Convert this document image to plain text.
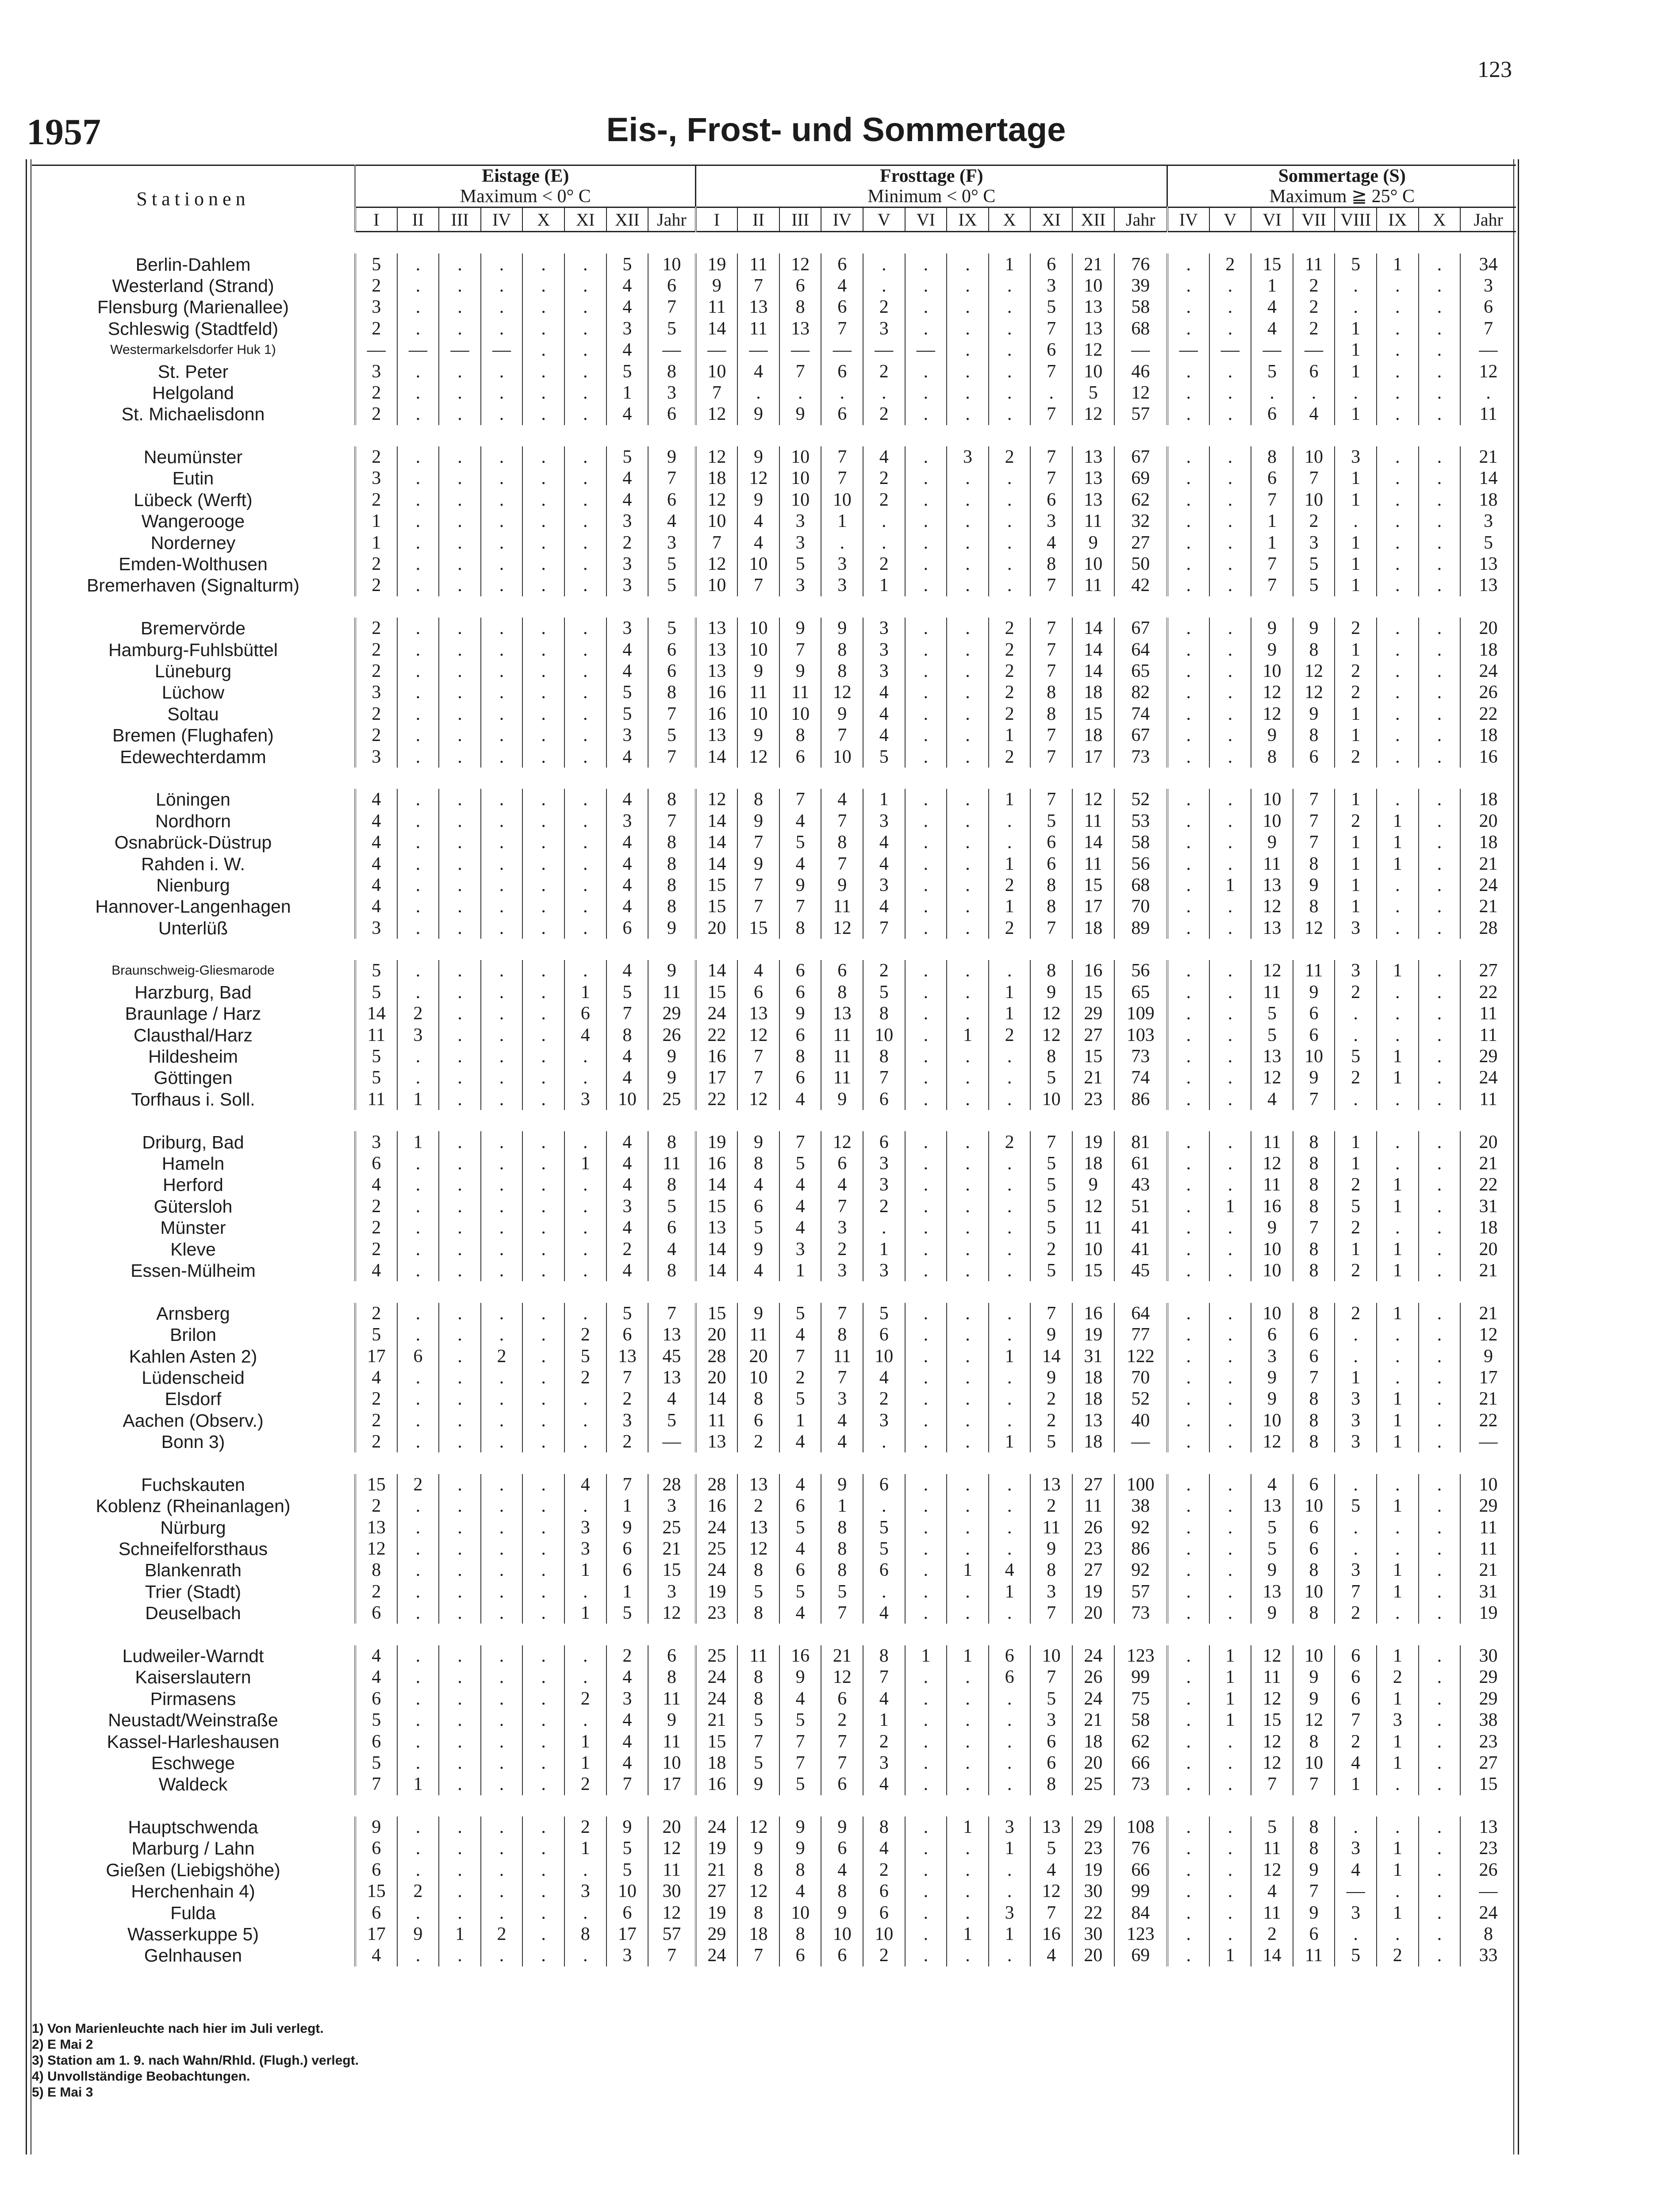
123
1957	Eis-, Frost- und Sommertage
Stationen	Eistage (E)
Maximum < 0° C								Frosttage (F)
Minimum < 0° C											Sommertage (S)
Maximum ≧ 25° C							
	I	II	III	IV	X	XI	XII	Jahr	I	II	III	IV	V	VI	IX	X	XI	XII	Jahr	IV	V	VI	VII	VIII	IX	X	Jahr

Berlin-Dahlem	5	.	.	.	.	.	5	10	19	11	12	6	.	.	.	1	6	21	76	.	2	15	11	5	1	.	34
Westerland (Strand)	2	.	.	.	.	.	4	6	9	7	6	4	.	.	.	.	3	10	39	.	.	1	2	.	.	.	3
Flensburg (Marienallee)	3	.	.	.	.	.	4	7	11	13	8	6	2	.	.	.	5	13	58	.	.	4	2	.	.	.	6
Schleswig (Stadtfeld)	2	.	.	.	.	.	3	5	14	11	13	7	3	.	.	.	7	13	68	.	.	4	2	1	.	.	7
Westermarkelsdorfer Huk 1)	—	—	—	—	.	.	4	—	—	—	—	—	—	—	.	.	6	12	—	—	—	—	—	1	.	.	—
St. Peter	3	.	.	.	.	.	5	8	10	4	7	6	2	.	.	.	7	10	46	.	.	5	6	1	.	.	12
Helgoland	2	.	.	.	.	.	1	3	7	.	.	.	.	.	.	.	.	5	12	.	.	.	.	.	.	.	.
St. Michaelisdonn	2	.	.	.	.	.	4	6	12	9	9	6	2	.	.	.	7	12	57	.	.	6	4	1	.	.	11

Neumünster	2	.	.	.	.	.	5	9	12	9	10	7	4	.	3	2	7	13	67	.	.	8	10	3	.	.	21
Eutin	3	.	.	.	.	.	4	7	18	12	10	7	2	.	.	.	7	13	69	.	.	6	7	1	.	.	14
Lübeck (Werft)	2	.	.	.	.	.	4	6	12	9	10	10	2	.	.	.	6	13	62	.	.	7	10	1	.	.	18
Wangerooge	1	.	.	.	.	.	3	4	10	4	3	1	.	.	.	.	3	11	32	.	.	1	2	.	.	.	3
Norderney	1	.	.	.	.	.	2	3	7	4	3	.	.	.	.	.	4	9	27	.	.	1	3	1	.	.	5
Emden-Wolthusen	2	.	.	.	.	.	3	5	12	10	5	3	2	.	.	.	8	10	50	.	.	7	5	1	.	.	13
Bremerhaven (Signalturm)	2	.	.	.	.	.	3	5	10	7	3	3	1	.	.	.	7	11	42	.	.	7	5	1	.	.	13

Bremervörde	2	.	.	.	.	.	3	5	13	10	9	9	3	.	.	2	7	14	67	.	.	9	9	2	.	.	20
Hamburg-Fuhlsbüttel	2	.	.	.	.	.	4	6	13	10	7	8	3	.	.	2	7	14	64	.	.	9	8	1	.	.	18
Lüneburg	2	.	.	.	.	.	4	6	13	9	9	8	3	.	.	2	7	14	65	.	.	10	12	2	.	.	24
Lüchow	3	.	.	.	.	.	5	8	16	11	11	12	4	.	.	2	8	18	82	.	.	12	12	2	.	.	26
Soltau	2	.	.	.	.	.	5	7	16	10	10	9	4	.	.	2	8	15	74	.	.	12	9	1	.	.	22
Bremen (Flughafen)	2	.	.	.	.	.	3	5	13	9	8	7	4	.	.	1	7	18	67	.	.	9	8	1	.	.	18
Edewechterdamm	3	.	.	.	.	.	4	7	14	12	6	10	5	.	.	2	7	17	73	.	.	8	6	2	.	.	16

Löningen	4	.	.	.	.	.	4	8	12	8	7	4	1	.	.	1	7	12	52	.	.	10	7	1	.	.	18
Nordhorn	4	.	.	.	.	.	3	7	14	9	4	7	3	.	.	.	5	11	53	.	.	10	7	2	1	.	20
Osnabrück-Düstrup	4	.	.	.	.	.	4	8	14	7	5	8	4	.	.	.	6	14	58	.	.	9	7	1	1	.	18
Rahden i. W.	4	.	.	.	.	.	4	8	14	9	4	7	4	.	.	1	6	11	56	.	.	11	8	1	1	.	21
Nienburg	4	.	.	.	.	.	4	8	15	7	9	9	3	.	.	2	8	15	68	.	1	13	9	1	.	.	24
Hannover-Langenhagen	4	.	.	.	.	.	4	8	15	7	7	11	4	.	.	1	8	17	70	.	.	12	8	1	.	.	21
Unterlüß	3	.	.	.	.	.	6	9	20	15	8	12	7	.	.	2	7	18	89	.	.	13	12	3	.	.	28

Braunschweig-Gliesmarode	5	.	.	.	.	.	4	9	14	4	6	6	2	.	.	.	8	16	56	.	.	12	11	3	1	.	27
Harzburg, Bad	5	.	.	.	.	1	5	11	15	6	6	8	5	.	.	1	9	15	65	.	.	11	9	2	.	.	22
Braunlage / Harz	14	2	.	.	.	6	7	29	24	13	9	13	8	.	.	1	12	29	109	.	.	5	6	.	.	.	11
Clausthal/Harz	11	3	.	.	.	4	8	26	22	12	6	11	10	.	1	2	12	27	103	.	.	5	6	.	.	.	11
Hildesheim	5	.	.	.	.	.	4	9	16	7	8	11	8	.	.	.	8	15	73	.	.	13	10	5	1	.	29
Göttingen	5	.	.	.	.	.	4	9	17	7	6	11	7	.	.	.	5	21	74	.	.	12	9	2	1	.	24
Torfhaus i. Soll.	11	1	.	.	.	3	10	25	22	12	4	9	6	.	.	.	10	23	86	.	.	4	7	.	.	.	11

Driburg, Bad	3	1	.	.	.	.	4	8	19	9	7	12	6	.	.	2	7	19	81	.	.	11	8	1	.	.	20
Hameln	6	.	.	.	.	1	4	11	16	8	5	6	3	.	.	.	5	18	61	.	.	12	8	1	.	.	21
Herford	4	.	.	.	.	.	4	8	14	4	4	4	3	.	.	.	5	9	43	.	.	11	8	2	1	.	22
Gütersloh	2	.	.	.	.	.	3	5	15	6	4	7	2	.	.	.	5	12	51	.	1	16	8	5	1	.	31
Münster	2	.	.	.	.	.	4	6	13	5	4	3	.	.	.	.	5	11	41	.	.	9	7	2	.	.	18
Kleve	2	.	.	.	.	.	2	4	14	9	3	2	1	.	.	.	2	10	41	.	.	10	8	1	1	.	20
Essen-Mülheim	4	.	.	.	.	.	4	8	14	4	1	3	3	.	.	.	5	15	45	.	.	10	8	2	1	.	21

Arnsberg	2	.	.	.	.	.	5	7	15	9	5	7	5	.	.	.	7	16	64	.	.	10	8	2	1	.	21
Brilon	5	.	.	.	.	2	6	13	20	11	4	8	6	.	.	.	9	19	77	.	.	6	6	.	.	.	12
Kahlen Asten 2)	17	6	.	2	.	5	13	45	28	20	7	11	10	.	.	1	14	31	122	.	.	3	6	.	.	.	9
Lüdenscheid	4	.	.	.	.	2	7	13	20	10	2	7	4	.	.	.	9	18	70	.	.	9	7	1	.	.	17
Elsdorf	2	.	.	.	.	.	2	4	14	8	5	3	2	.	.	.	2	18	52	.	.	9	8	3	1	.	21
Aachen (Observ.)	2	.	.	.	.	.	3	5	11	6	1	4	3	.	.	.	2	13	40	.	.	10	8	3	1	.	22
Bonn 3)	2	.	.	.	.	.	2	—	13	2	4	4	.	.	.	1	5	18	—	.	.	12	8	3	1	.	—

Fuchskauten	15	2	.	.	.	4	7	28	28	13	4	9	6	.	.	.	13	27	100	.	.	4	6	.	.	.	10
Koblenz (Rheinanlagen)	2	.	.	.	.	.	1	3	16	2	6	1	.	.	.	.	2	11	38	.	.	13	10	5	1	.	29
Nürburg	13	.	.	.	.	3	9	25	24	13	5	8	5	.	.	.	11	26	92	.	.	5	6	.	.	.	11
Schneifelforsthaus	12	.	.	.	.	3	6	21	25	12	4	8	5	.	.	.	9	23	86	.	.	5	6	.	.	.	11
Blankenrath	8	.	.	.	.	1	6	15	24	8	6	8	6	.	1	4	8	27	92	.	.	9	8	3	1	.	21
Trier (Stadt)	2	.	.	.	.	.	1	3	19	5	5	5	.	.	.	1	3	19	57	.	.	13	10	7	1	.	31
Deuselbach	6	.	.	.	.	1	5	12	23	8	4	7	4	.	.	.	7	20	73	.	.	9	8	2	.	.	19

Ludweiler-Warndt	4	.	.	.	.	.	2	6	25	11	16	21	8	1	1	6	10	24	123	.	1	12	10	6	1	.	30
Kaiserslautern	4	.	.	.	.	.	4	8	24	8	9	12	7	.	.	6	7	26	99	.	1	11	9	6	2	.	29
Pirmasens	6	.	.	.	.	2	3	11	24	8	4	6	4	.	.	.	5	24	75	.	1	12	9	6	1	.	29
Neustadt/Weinstraße	5	.	.	.	.	.	4	9	21	5	5	2	1	.	.	.	3	21	58	.	1	15	12	7	3	.	38
Kassel-Harleshausen	6	.	.	.	.	1	4	11	15	7	7	7	2	.	.	.	6	18	62	.	.	12	8	2	1	.	23
Eschwege	5	.	.	.	.	1	4	10	18	5	7	7	3	.	.	.	6	20	66	.	.	12	10	4	1	.	27
Waldeck	7	1	.	.	.	2	7	17	16	9	5	6	4	.	.	.	8	25	73	.	.	7	7	1	.	.	15

Hauptschwenda	9	.	.	.	.	2	9	20	24	12	9	9	8	.	1	3	13	29	108	.	.	5	8	.	.	.	13
Marburg / Lahn	6	.	.	.	.	1	5	12	19	9	9	6	4	.	.	1	5	23	76	.	.	11	8	3	1	.	23
Gießen (Liebigshöhe)	6	.	.	.	.	.	5	11	21	8	8	4	2	.	.	.	4	19	66	.	.	12	9	4	1	.	26
Herchenhain 4)	15	2	.	.	.	3	10	30	27	12	4	8	6	.	.	.	12	30	99	.	.	4	7	—	.	.	—
Fulda	6	.	.	.	.	.	6	12	19	8	10	9	6	.	.	3	7	22	84	.	.	11	9	3	1	.	24
Wasserkuppe 5)	17	9	1	2	.	8	17	57	29	18	8	10	10	.	1	1	16	30	123	.	.	2	6	.	.	.	8
Gelnhausen	4	.	.	.	.	.	3	7	24	7	6	6	2	.	.	.	4	20	69	.	1	14	11	5	2	.	33
1) Von Marienleuchte nach hier im Juli verlegt.
2) E Mai 2
3) Station am 1. 9. nach Wahn/Rhld. (Flugh.) verlegt.
4) Unvollständige Beobachtungen.
5) E Mai 3
